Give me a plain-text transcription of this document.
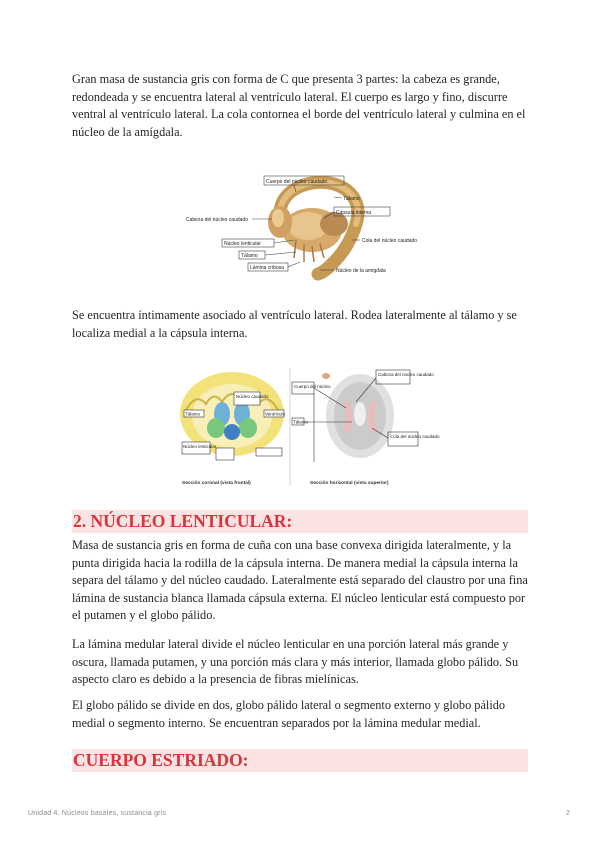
Gran masa de sustancia gris con forma de C que presenta 3 partes: la cabeza es grande, redondeada y se encuentra lateral al ventrículo lateral. El cuerpo es largo y fino, discurre ventral al ventrículo lateral. La cola contornea el borde del ventrículo lateral y culmina en el núcleo de la amígdala.

Cuerpo del núcleo caudado
Tálamo
Cápsula interna
Cabeza del núcleo caudado
Cola del núcleo caudado
Núcleo lenticular
Tálamo
Lámina cribosa	Núcleo de la amígdala

Se encuentra íntimamente asociado al ventrículo lateral. Rodea lateralmente al tálamo y se localiza medial a la cápsula interna.

Núcleo caudado
Tálamo	Ventrículo
Núcleo lenticular
Sección coronal (vista frontal)
Cuerpo del núcleo
Cabeza del núcleo caudado
Tálamo
Cola del núcleo caudado
Sección horizontal (vista superior)
2. NÚCLEO LENTICULAR:

Masa de sustancia gris en forma de cuña con una base convexa dirigida lateralmente, y la punta dirigida hacia la rodilla de la cápsula interna. De manera medial la cápsula interna la separa del tálamo y del núcleo caudado. Lateralmente está separado del claustro por una fina lámina de sustancia blanca llamada cápsula externa. El núcleo lenticular está compuesto por el putamen y el globo pálido.

La lámina medular lateral divide el núcleo lenticular en una porción lateral más grande y oscura, llamada putamen, y una porción más clara y más interior, llamada globo pálido. Su aspecto claro es debido a la presencia de fibras mielínicas.

El globo pálido se divide en dos, globo pálido lateral o segmento externo y globo pálido medial o segmento interno. Se encuentran separados por la lámina medular medial.

CUERPO ESTRIADO:
Unidad 4. Núcleos basales, sustancia gris	2
